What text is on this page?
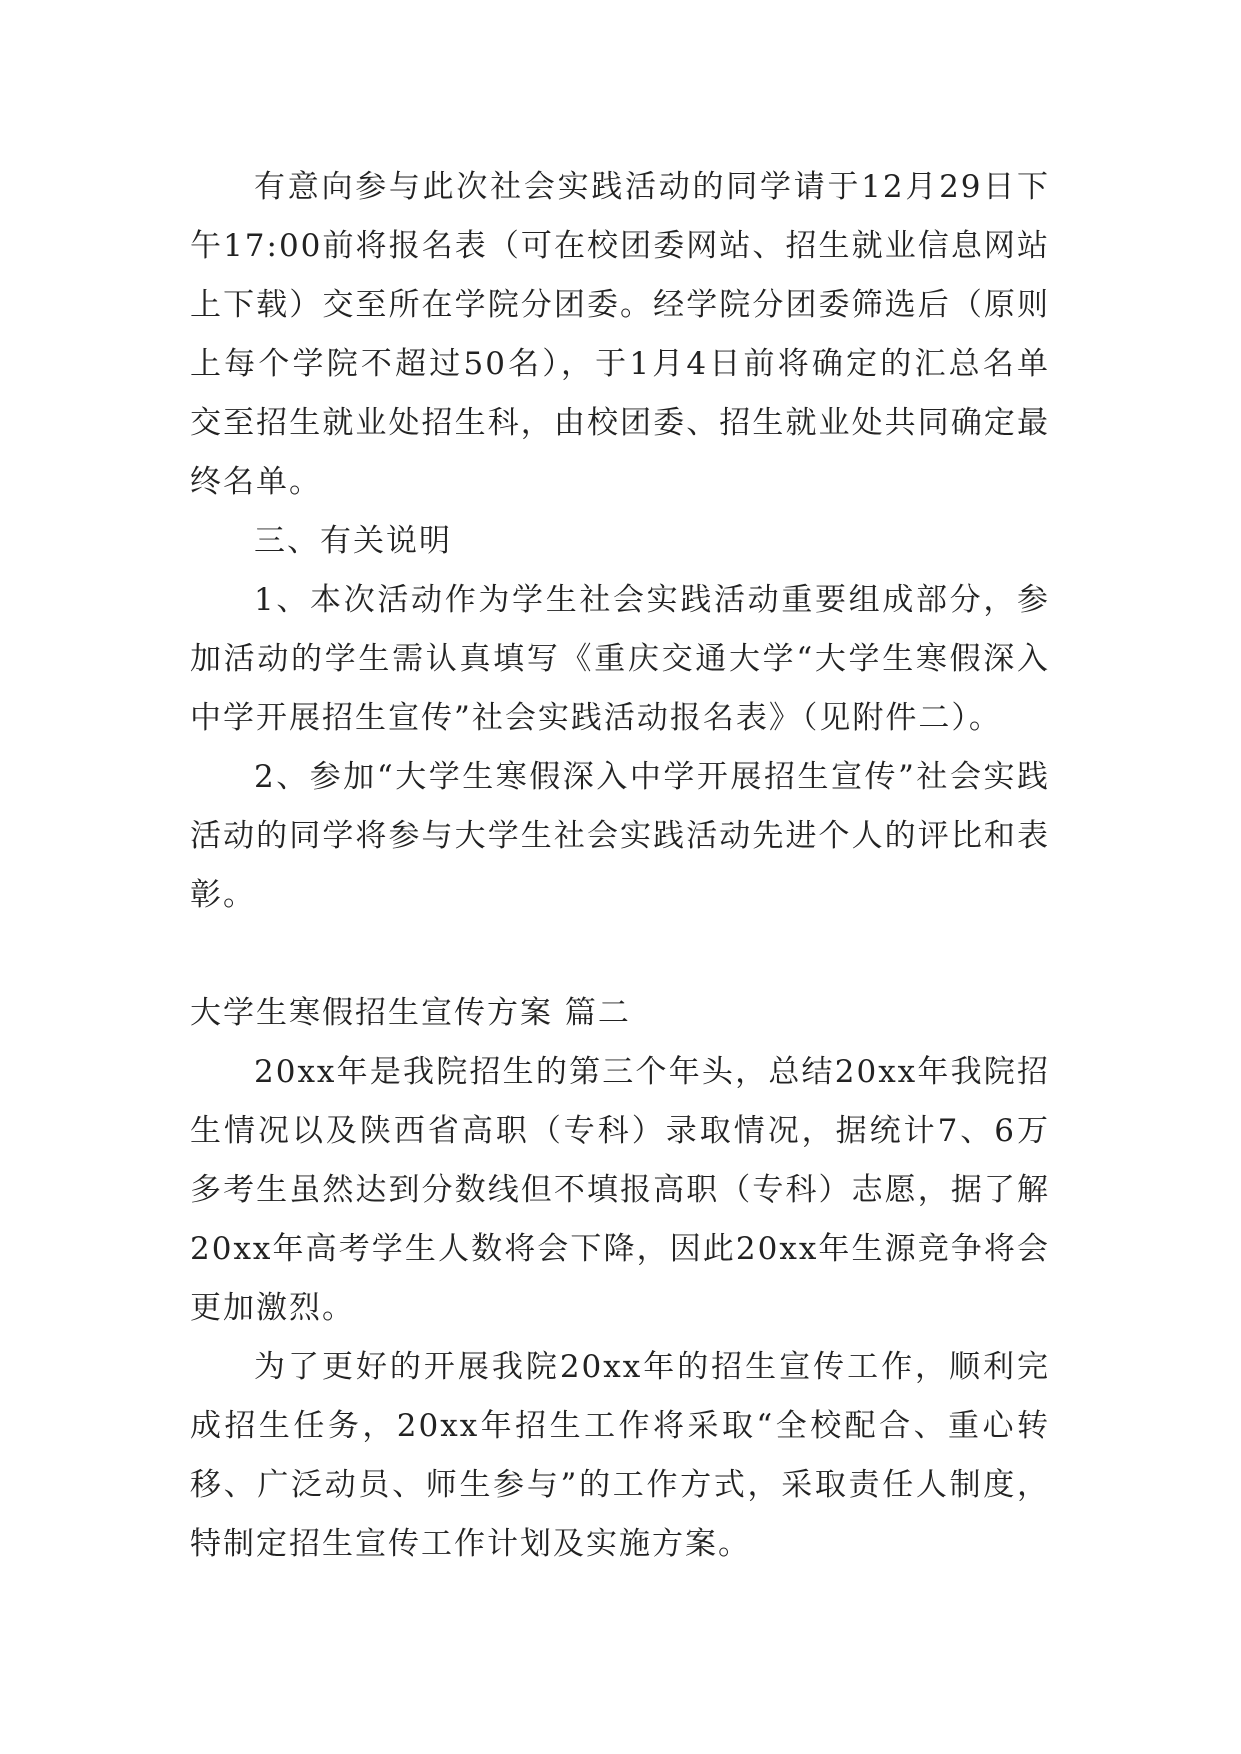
有意向参与此次社会实践活动的同学请于12月29日下午17:00前将报名表（可在校团委网站、招生就业信息网站上下载）交至所在学院分团委。经学院分团委筛选后（原则上每个学院不超过50名），于1月4日前将确定的汇总名单交至招生就业处招生科，由校团委、招生就业处共同确定最终名单。

三、有关说明

1、本次活动作为学生社会实践活动重要组成部分，参加活动的学生需认真填写《重庆交通大学“大学生寒假深入中学开展招生宣传”社会实践活动报名表》（见附件二）。

2、参加“大学生寒假深入中学开展招生宣传”社会实践活动的同学将参与大学生社会实践活动先进个人的评比和表彰。

大学生寒假招生宣传方案 篇二

20xx年是我院招生的第三个年头，总结20xx年我院招生情况以及陕西省高职（专科）录取情况，据统计7、6万多考生虽然达到分数线但不填报高职（专科）志愿，据了解20xx年高考学生人数将会下降，因此20xx年生源竞争将会更加激烈。

为了更好的开展我院20xx年的招生宣传工作，顺利完成招生任务，20xx年招生工作将采取“全校配合、重心转移、广泛动员、师生参与”的工作方式，采取责任人制度，特制定招生宣传工作计划及实施方案。
